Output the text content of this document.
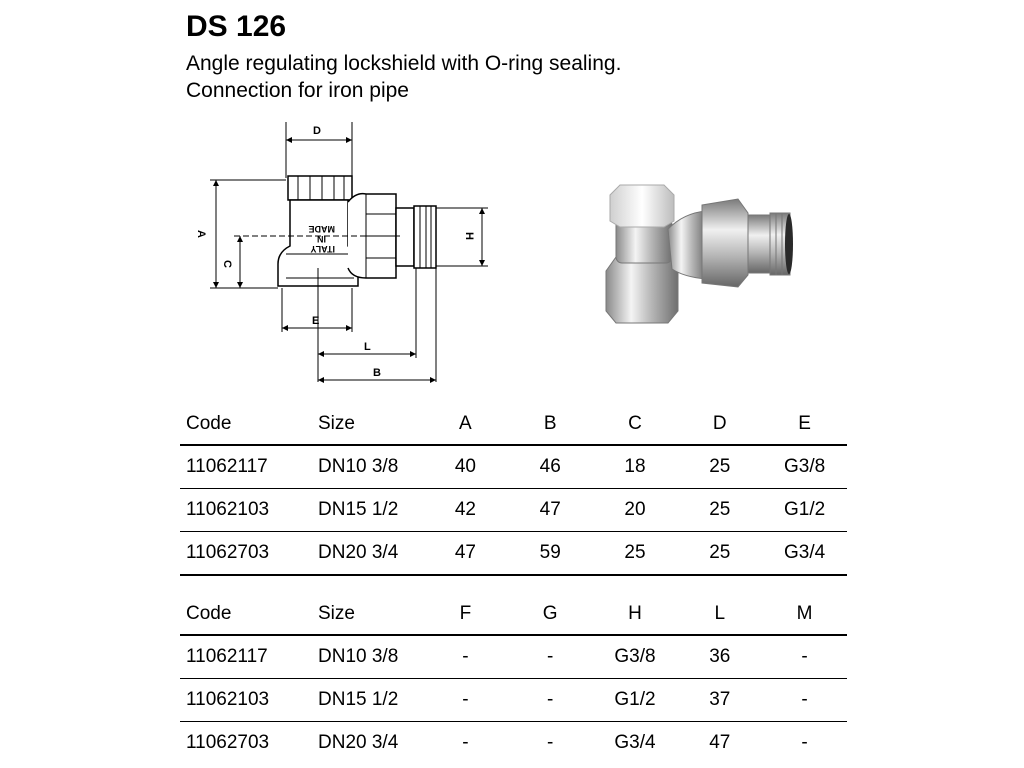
DS 126
Angle regulating lockshield with O-ring sealing.
Connection for iron pipe
D
A
C
H
E
L
B
ITALY
IN
MADE
Code	Size	A	B	C	D	E
11062117	DN10 3/8	40	46	18	25	G3/8
11062103	DN15 1/2	42	47	20	25	G1/2
11062703	DN20 3/4	47	59	25	25	G3/4
Code	Size	F	G	H	L	M
11062117	DN10 3/8	-	-	G3/8	36	-
11062103	DN15 1/2	-	-	G1/2	37	-
11062703	DN20 3/4	-	-	G3/4	47	-
